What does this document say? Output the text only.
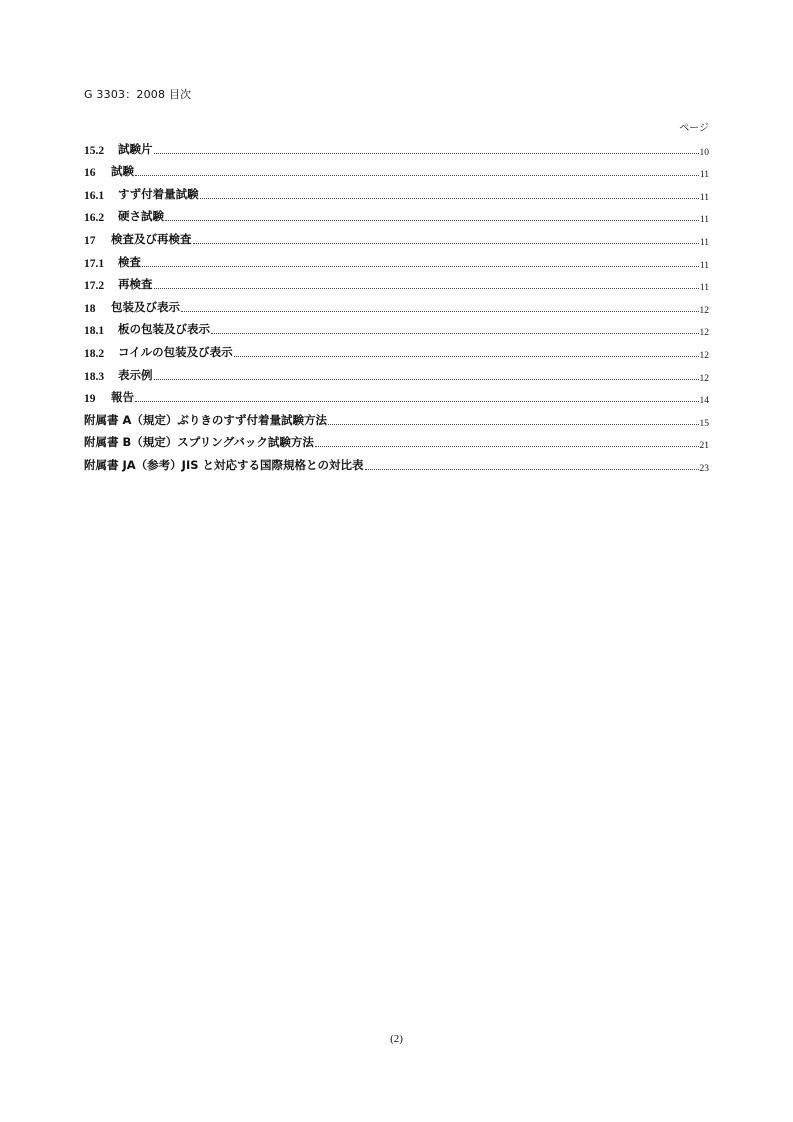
G 3303：2008 目次
ページ
15.2	試験片	10
16	試験	11
16.1	すず付着量試験	11
16.2	硬さ試験	11
17	検査及び再検査	11
17.1	検査	11
17.2	再検査	11
18	包装及び表示	12
18.1	板の包装及び表示	12
18.2	コイルの包装及び表示	12
18.3	表示例	12
19	報告	14
附属書 A（規定）ぶりきのすず付着量試験方法	15
附属書 B（規定）スプリングバック試験方法	21
附属書 JA（参考）JIS と対応する国際規格との対比表	23
(2)
